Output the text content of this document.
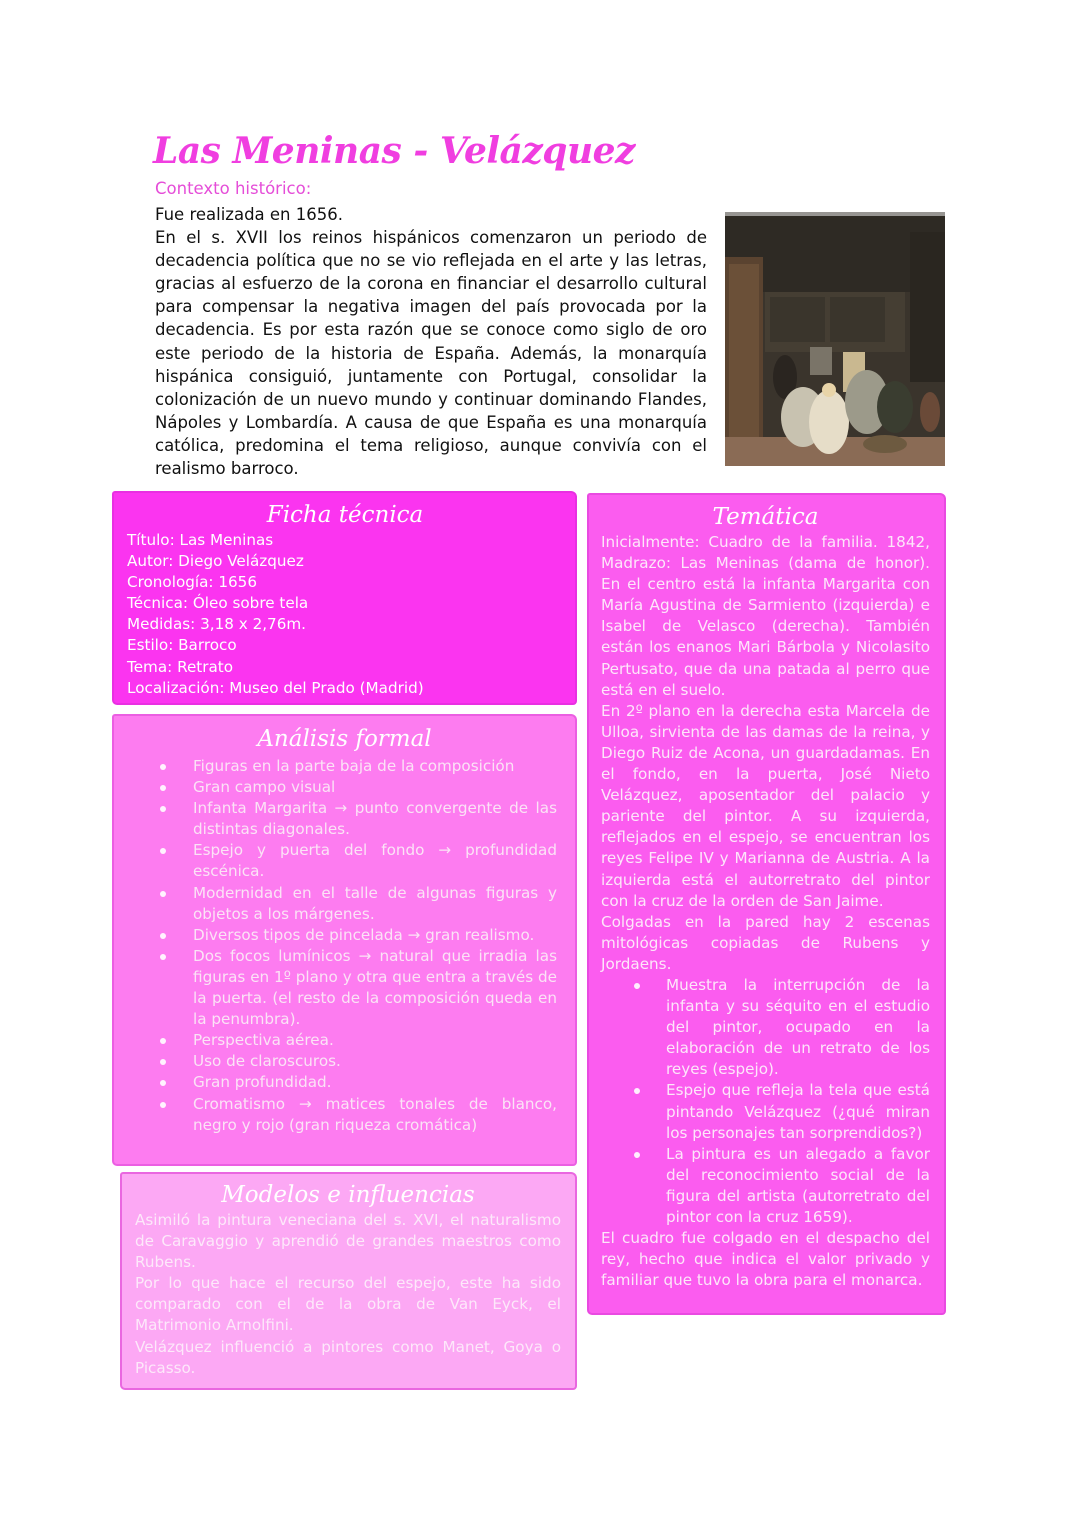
Las Meninas - Velázquez
Contexto histórico:

Fue realizada en 1656.

En el s. XVII los reinos hispánicos comenzaron un periodo de decadencia política que no se vio reflejada en el arte y las letras, gracias al esfuerzo de la corona en financiar el desarrollo cultural para compensar la negativa imagen del país provocada por la decadencia. Es por esta razón que se conoce como siglo de oro este periodo de la historia de España. Además, la monarquía hispánica consiguió, juntamente con Portugal, consolidar la colonización de un nuevo mundo y continuar dominando Flandes, Nápoles y Lombardía. A causa de que España es una monarquía católica, predomina el tema religioso, aunque convivía con el realismo barroco.

Ficha técnica
Título: Las Meninas
Autor: Diego Velázquez
Cronología: 1656
Técnica: Óleo sobre tela
Medidas: 3,18 x 2,76m.
Estilo: Barroco
Tema: Retrato
Localización: Museo del Prado (Madrid)
Análisis formal
Figuras en la parte baja de la composición
Gran campo visual
Infanta Margarita → punto convergente de las distintas diagonales.
Espejo y puerta del fondo → profundidad escénica.
Modernidad en el talle de algunas figuras y objetos a los márgenes.
Diversos tipos de pincelada → gran realismo.
Dos focos lumínicos → natural que irradia las figuras en 1º plano y otra que entra a través de la puerta. (el resto de la composición queda en la penumbra).
Perspectiva aérea.
Uso de claroscuros.
Gran profundidad.
Cromatismo → matices tonales de blanco, negro y rojo (gran riqueza cromática)
Modelos e influencias

Asimiló la pintura veneciana del s. XVI, el naturalismo de Caravaggio y aprendió de grandes maestros como Rubens.

Por lo que hace el recurso del espejo, este ha sido comparado con el de la obra de Van Eyck, el Matrimonio Arnolfini.

Velázquez influenció a pintores como Manet, Goya o Picasso.

Temática

Inicialmente: Cuadro de la familia. 1842, Madrazo: Las Meninas (dama de honor). En el centro está la infanta Margarita con María Agustina de Sarmiento (izquierda) e Isabel de Velasco (derecha). También están los enanos Mari Bárbola y Nicolasito Pertusato, que da una patada al perro que está en el suelo.

En 2º plano en la derecha esta Marcela de Ulloa, sirvienta de las damas de la reina, y Diego Ruiz de Acona, un guardadamas. En el fondo, en la puerta, José Nieto Velázquez, aposentador del palacio y pariente del pintor. A su izquierda, reflejados en el espejo, se encuentran los reyes Felipe IV y Marianna de Austria. A la izquierda está el autorretrato del pintor con la cruz de la orden de San Jaime.

Colgadas en la pared hay 2 escenas mitológicas copiadas de Rubens y Jordaens.

Muestra la interrupción de la infanta y su séquito en el estudio del pintor, ocupado en la elaboración de un retrato de los reyes (espejo).
Espejo que refleja la tela que está pintando Velázquez (¿qué miran los personajes tan sorprendidos?)
La pintura es un alegado a favor del reconocimiento social de la figura del artista (autorretrato del pintor con la cruz 1659).

El cuadro fue colgado en el despacho del rey, hecho que indica el valor privado y familiar que tuvo la obra para el monarca.
